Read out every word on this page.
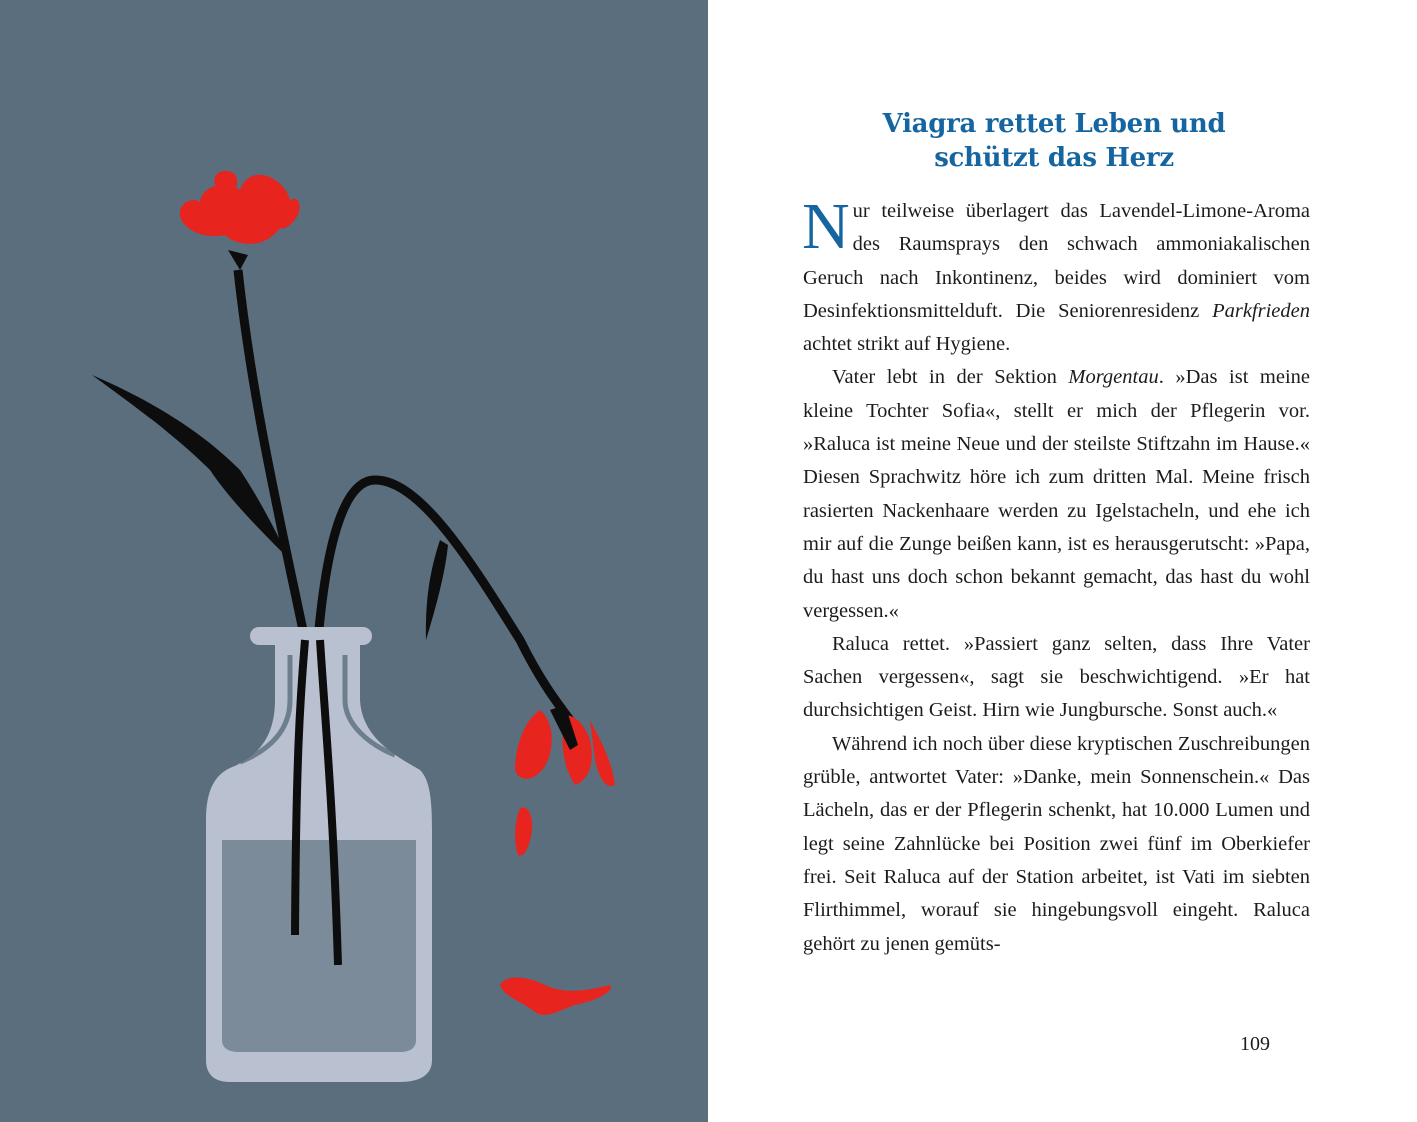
Viagra rettet Leben und
schützt das Herz

Nur teilweise überlagert das Lavendel-Limone-Aroma des Raumsprays den schwach ammoniakalischen Geruch nach Inkontinenz, beides wird dominiert vom Desinfektionsmittelduft. Die Seniorenresidenz Parkfrieden achtet strikt auf Hygiene.

Vater lebt in der Sektion Morgentau. »Das ist meine kleine Tochter Sofia«, stellt er mich der Pflegerin vor. »Raluca ist meine Neue und der steilste Stiftzahn im Hause.« Diesen Sprachwitz höre ich zum dritten Mal. Meine frisch rasierten Nackenhaare werden zu Igelstacheln, und ehe ich mir auf die Zunge beißen kann, ist es herausgerutscht: »Papa, du hast uns doch schon bekannt gemacht, das hast du wohl vergessen.«

Raluca rettet. »Passiert ganz selten, dass Ihre Vater Sachen vergessen«, sagt sie beschwichtigend. »Er hat durchsichtigen Geist. Hirn wie Jungbursche. Sonst auch.«

Während ich noch über diese kryptischen Zuschreibungen grüble, antwortet Vater: »Danke, mein Sonnenschein.« Das Lächeln, das er der Pflegerin schenkt, hat 10.000 Lumen und legt seine Zahnlücke bei Position zwei fünf im Oberkiefer frei. Seit Raluca auf der Station arbeitet, ist Vati im siebten Flirthimmel, worauf sie hingebungsvoll eingeht. Raluca gehört zu jenen gemüts-

109
